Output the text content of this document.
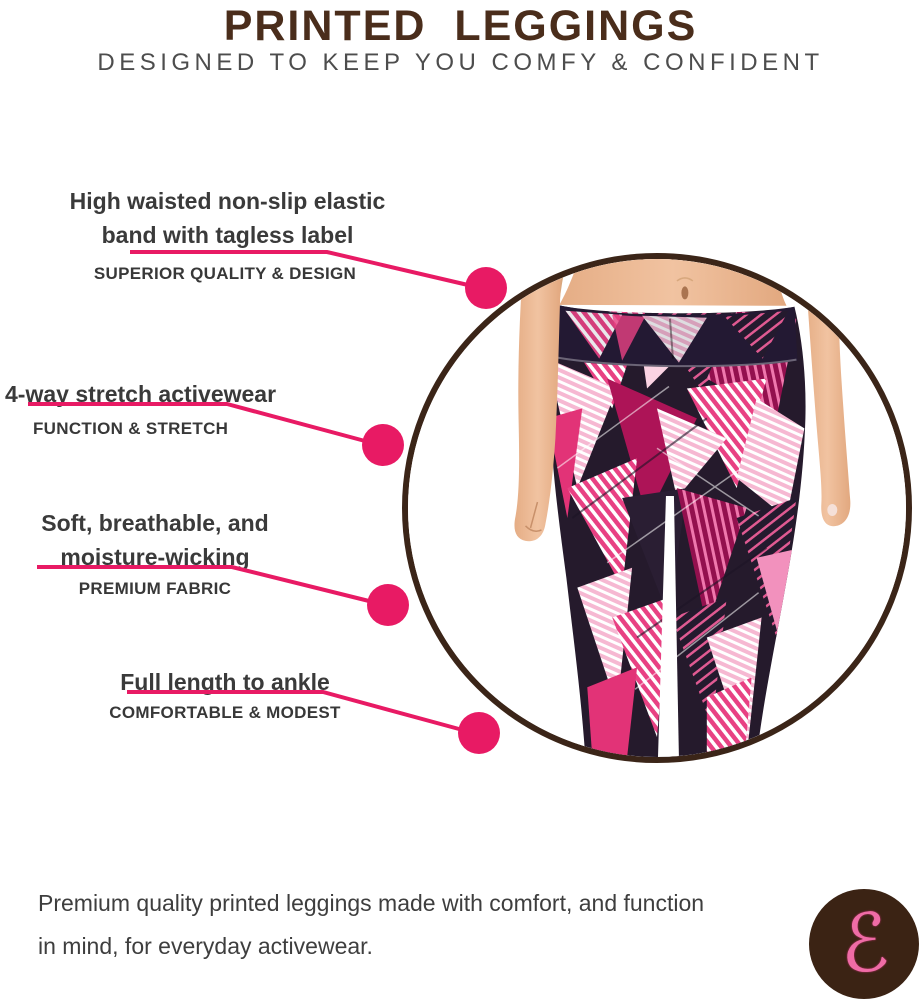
PRINTED  LEGGINGS
DESIGNED TO KEEP YOU COMFY & CONFIDENT
High waisted non-slip elastic
band with tagless label
SUPERIOR QUALITY & DESIGN
4-way stretch activewear
FUNCTION & STRETCH
Soft, breathable, and
moisture-wicking
PREMIUM FABRIC
Full length to ankle
COMFORTABLE & MODEST
Premium quality printed leggings made with comfort, and function in mind, for everyday activewear.	ℰ
